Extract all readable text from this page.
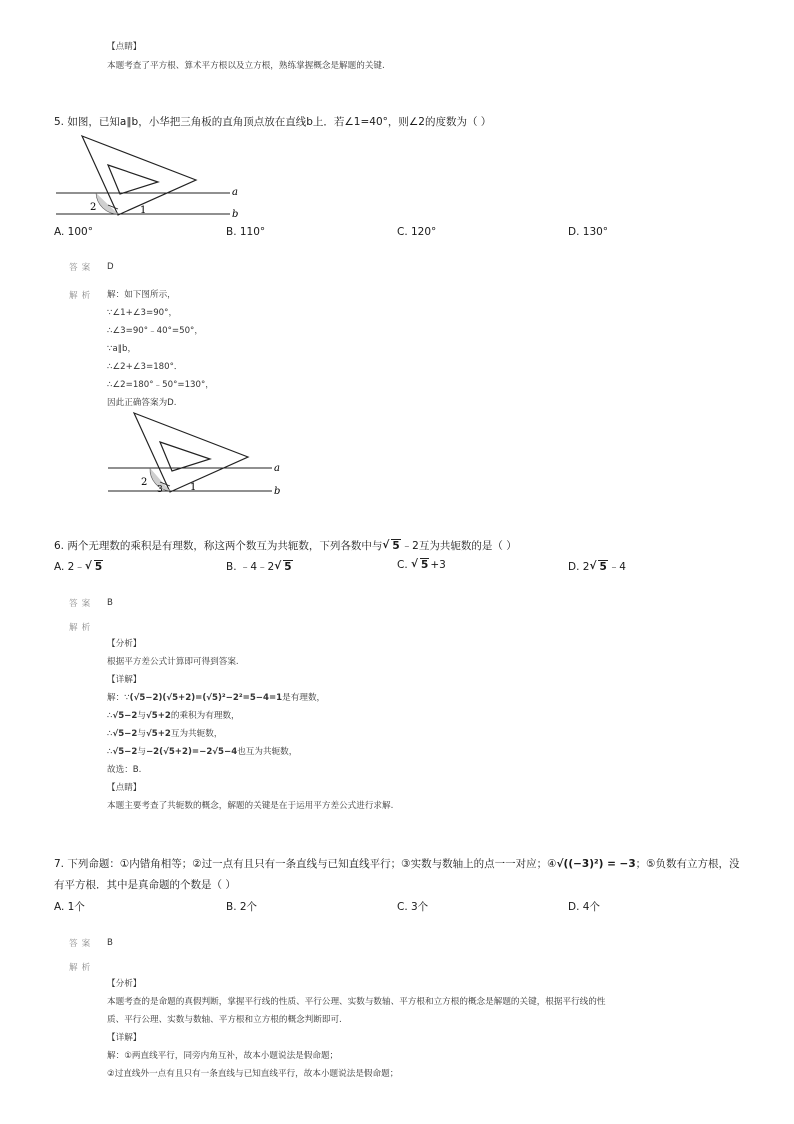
【点睛】
本题考查了平方根、算术平方根以及立方根，熟练掌握概念是解题的关键.
5. 如图，已知a∥b，小华把三角板的直角顶点放在直线b上．若∠1=40°，则∠2的度数为（ ）
a
b
2	1
A. 100°	B. 110°	C. 120°	D. 130°
答案 D
解析 解：如下图所示，
∵∠1+∠3=90°，
∴∠3=90°﹣40°=50°，
∵a∥b，
∴∠2+∠3=180°．
∴∠2=180°﹣50°=130°，
因此正确答案为D.
a
b
2
3	1
6. 两个无理数的乘积是有理数，称这两个数互为共轭数，下列各数中与 √ 5 ﹣2互为共轭数的是（ ）
A. 2﹣ √ 5	B. ﹣4﹣2 √ 5	C. √ 5 +3	D. 2 √ 5 ﹣4
答案 B
解析
【分析】
根据平方差公式计算即可得到答案.
【详解】
解：∵(√5−2)(√5+2)=(√5)²−2²=5−4=1是有理数，
∴√5−2与√5+2的乘积为有理数，
∴√5−2与√5+2互为共轭数，
∴√5−2与−2(√5+2)=−2√5−4也互为共轭数，
故选：B.
【点睛】
本题主要考查了共轭数的概念，解题的关键是在于运用平方差公式进行求解.
7. 下列命题：①内错角相等；②过一点有且只有一条直线与已知直线平行；③实数与数轴上的点一一对应；④√((−3)²) = −3；⑤负数有立方根，没
有平方根．其中是真命题的个数是（ ）
A. 1个	B. 2个	C. 3个	D. 4个
答案 B
解析
【分析】
本题考查的是命题的真假判断，掌握平行线的性质、平行公理、实数与数轴、平方根和立方根的概念是解题的关键，根据平行线的性
质、平行公理、实数与数轴、平方根和立方根的概念判断即可.
【详解】
解：①两直线平行，同旁内角互补，故本小题说法是假命题；
②过直线外一点有且只有一条直线与已知直线平行，故本小题说法是假命题；
